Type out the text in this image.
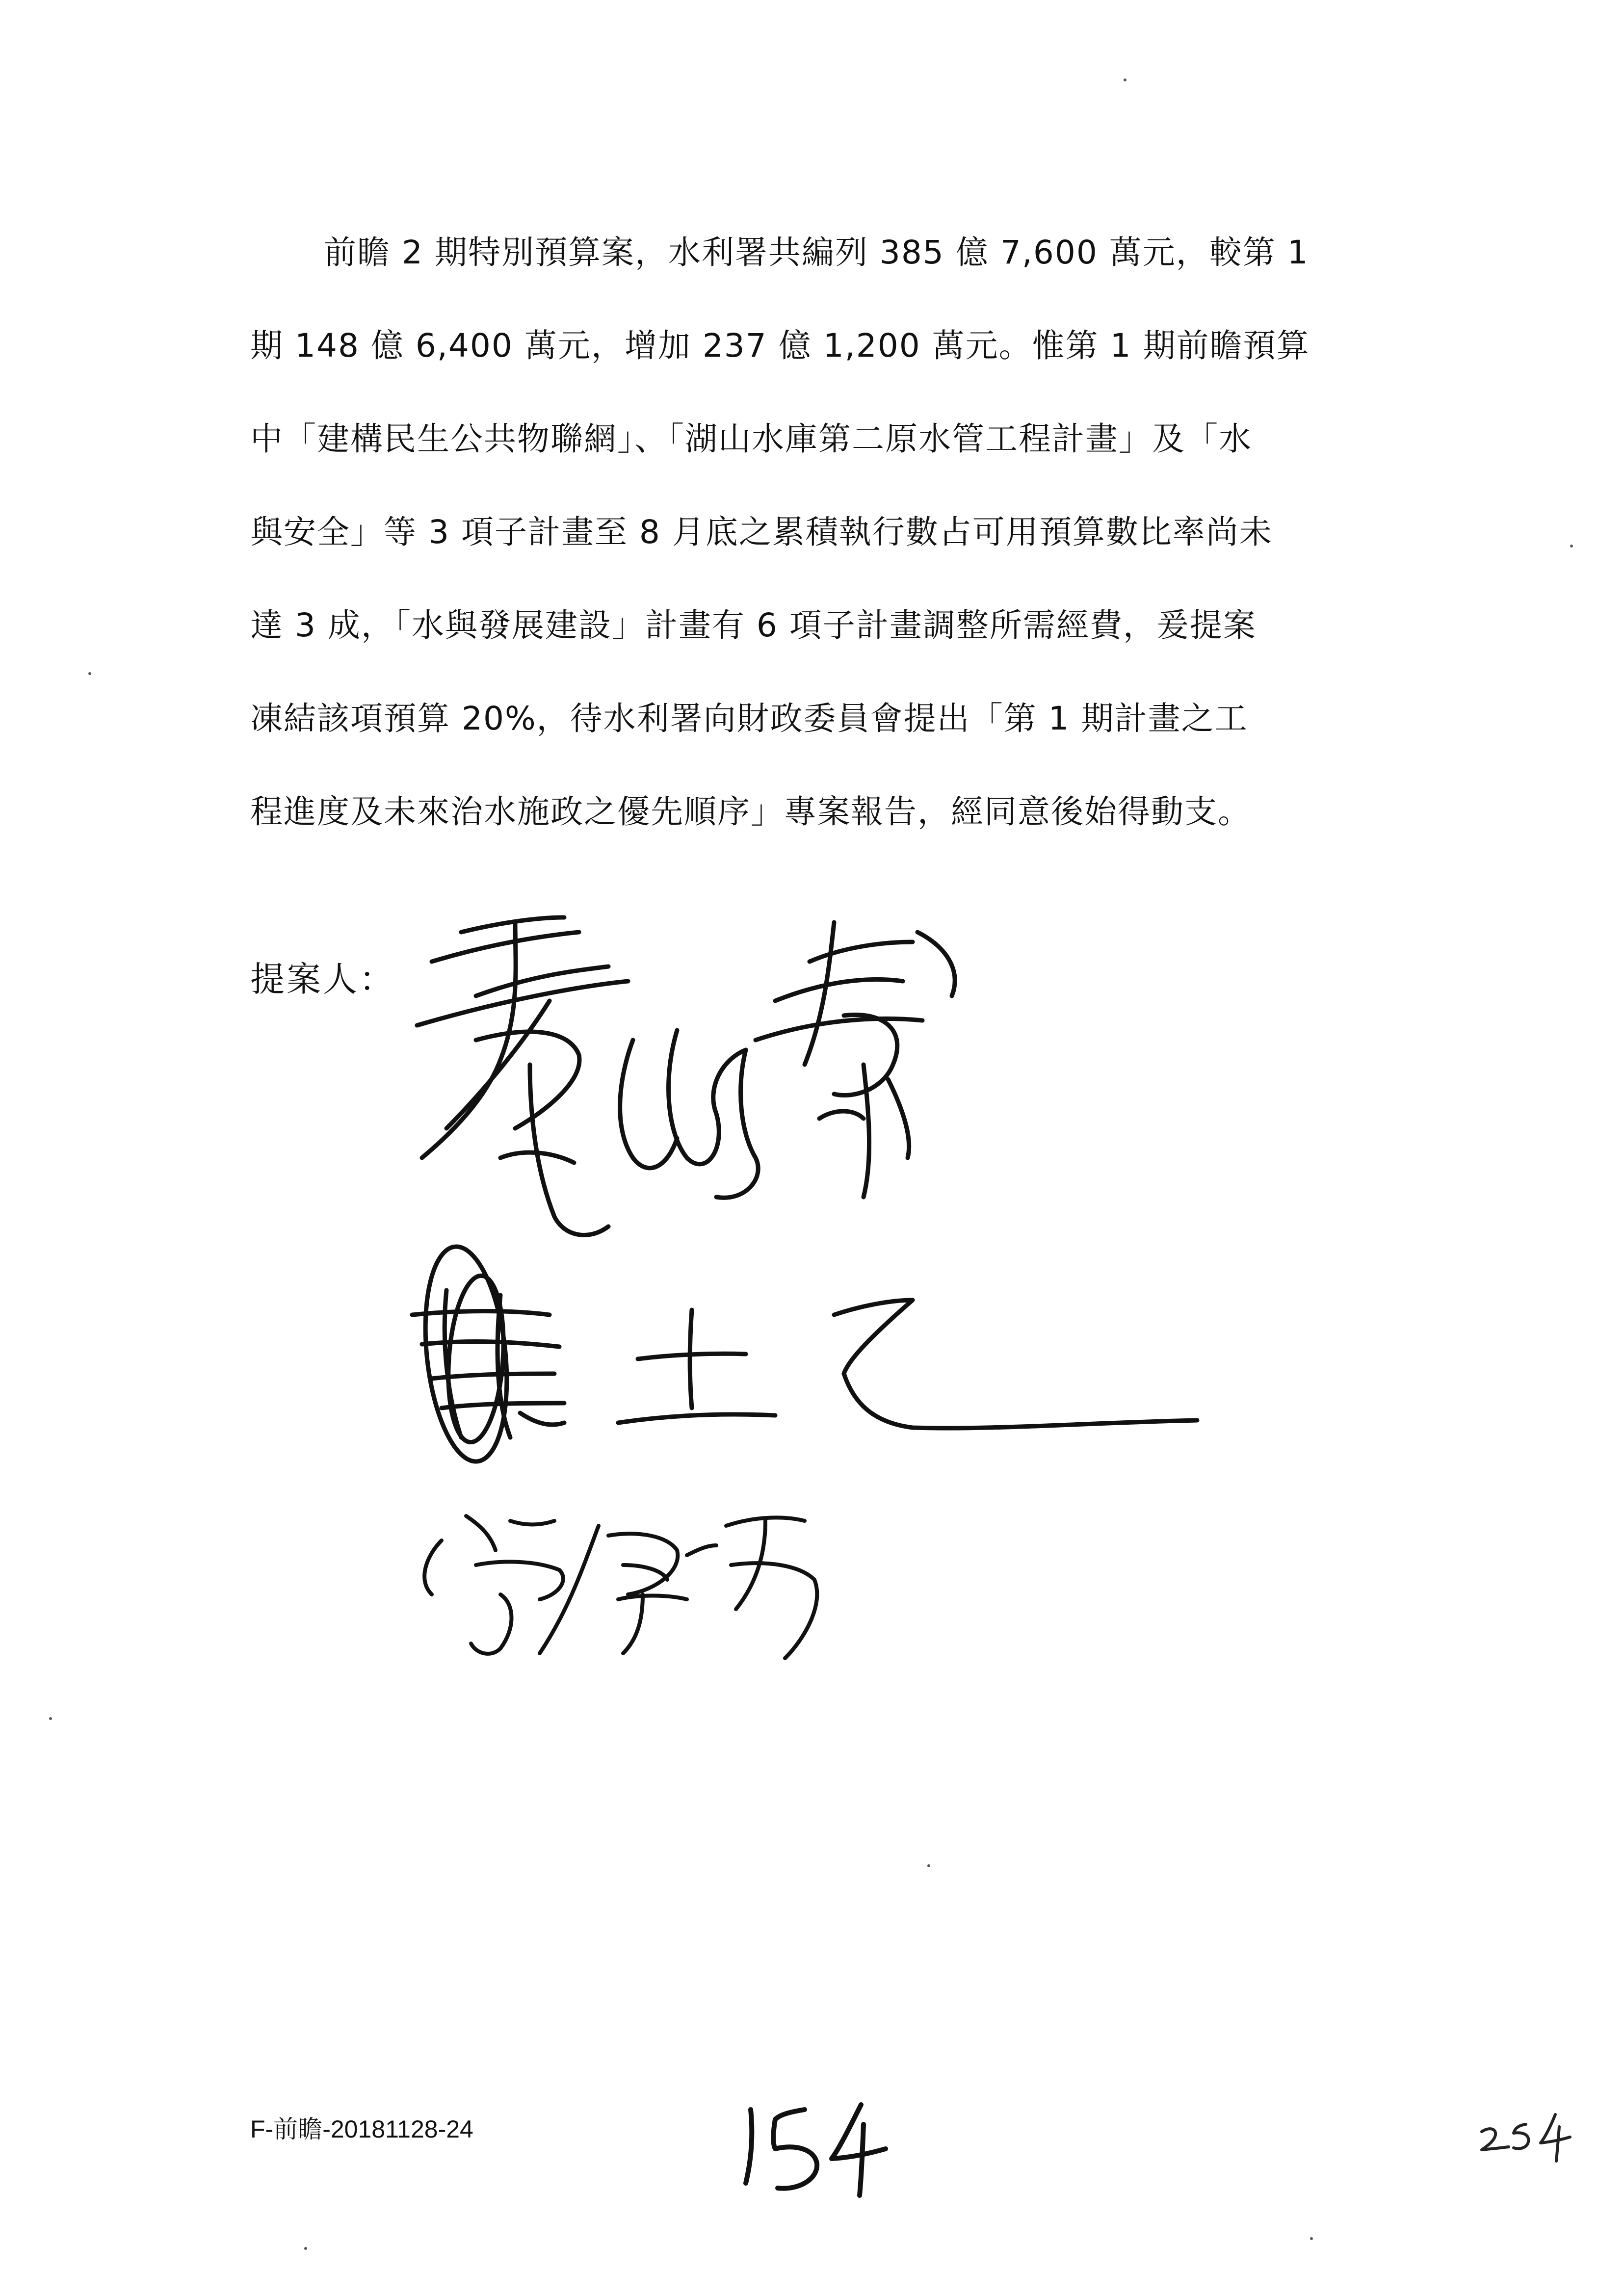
前瞻 2 期特別預算案，水利署共編列 385 億 7,600 萬元，較第 1
期 148 億 6,400 萬元，增加 237 億 1,200 萬元。惟第 1 期前瞻預算
中「建構民生公共物聯網」、「湖山水庫第二原水管工程計畫」及「水
與安全」等 3 項子計畫至 8 月底之累積執行數占可用預算數比率尚未
達 3 成，「水與發展建設」計畫有 6 項子計畫調整所需經費，爰提案
凍結該項預算 20%，待水利署向財政委員會提出「第 1 期計畫之工
程進度及未來治水施政之優先順序」專案報告，經同意後始得動支。
提案人：
F-前瞻-20181128-24
